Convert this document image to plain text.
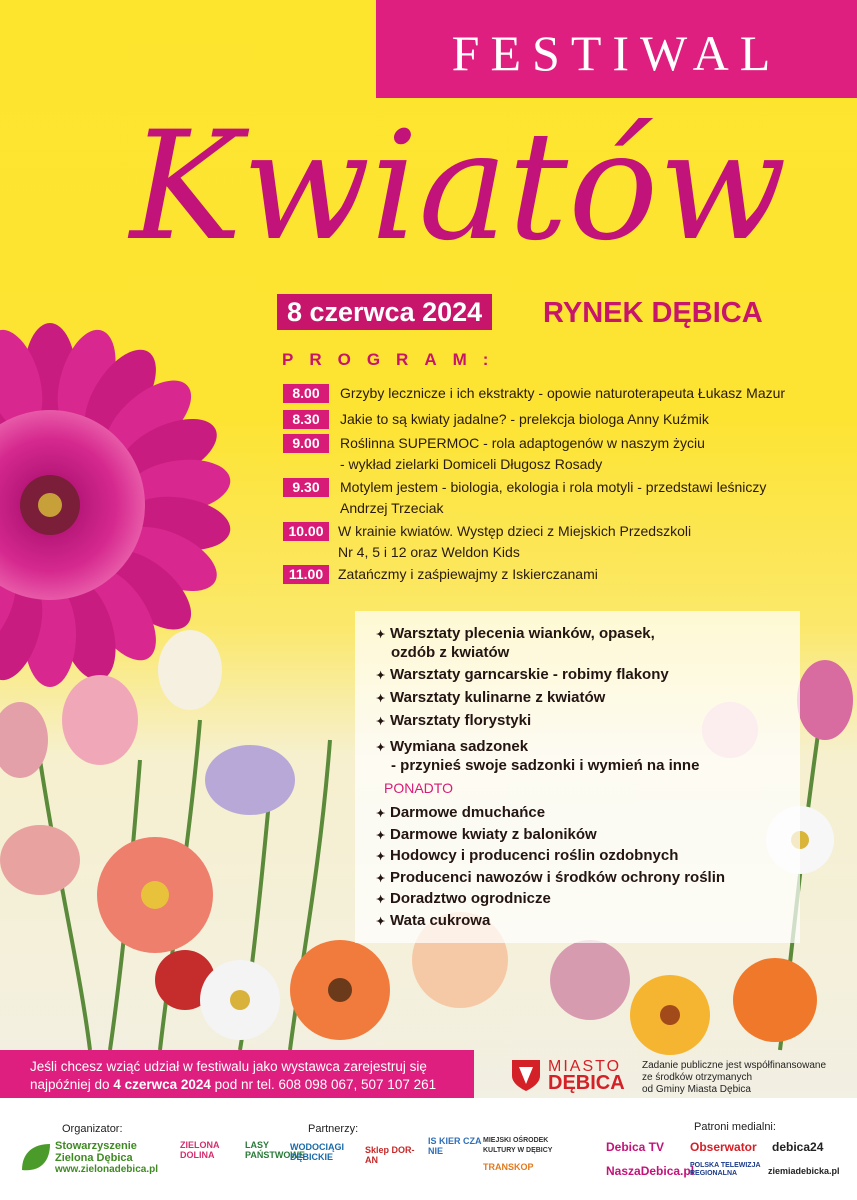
FESTIWAL
Kwiatów
8 czerwca 2024	RYNEK DĘBICA
PROGRAM:
8.00	Grzyby lecznicze i ich ekstrakty - opowie naturoterapeuta Łukasz Mazur
8.30	Jakie to są kwiaty jadalne? - prelekcja biologa Anny Kuźmik
9.00	Roślinna SUPERMOC - rola adaptogenów w naszym życiu
- wykład zielarki Domiceli Długosz Rosady
9.30	Motylem jestem - biologia, ekologia i rola motyli - przedstawi leśniczy
Andrzej Trzeciak
10.00	W krainie kwiatów. Występ dzieci z Miejskich Przedszkoli
Nr 4, 5 i 12 oraz Weldon Kids
11.00	Zatańczmy i zaśpiewajmy z Iskierczanami
✦ Warsztaty plecenia wianków, opasek,
ozdób z kwiatów
✦ Warsztaty garncarskie - robimy flakony
✦ Warsztaty kulinarne z kwiatów
✦ Warsztaty florystyki
✦ Wymiana sadzonek
- przynieś swoje sadzonki i wymień na inne
PONADTO
✦ Darmowe dmuchańce
✦ Darmowe kwiaty z baloników
✦ Hodowcy i producenci roślin ozdobnych
✦ Producenci nawozów i środków ochrony roślin
✦ Doradztwo ogrodnicze
✦ Wata cukrowa
Jeśli chcesz wziąć udział w festiwalu jako wystawca zarejestruj się
najpóźniej do 4 czerwca 2024 pod nr tel. 608 098 067, 507 107 261
MIASTO
DĘBICA
Zadanie publiczne jest współfinansowane
ze środków otrzymanych
od Gminy Miasta Dębica
Organizator:
Stowarzyszenie
Zielona Dębica
www.zielonadebica.pl
Partnerzy:
ZIELONA DOLINA
LASY PAŃSTWOWE
WODOCIĄGI DĘBICKIE
Sklep DOR-AN
IS KIER CZA NIE
MIEJSKI OŚRODEK KULTURY W DĘBICY
TRANSKOP
Patroni medialni:
Debica TV Obserwator debica24
NaszaDebica.pl
POLSKA TELEWIZJA REGIONALNA	ziemiadebicka.pl
